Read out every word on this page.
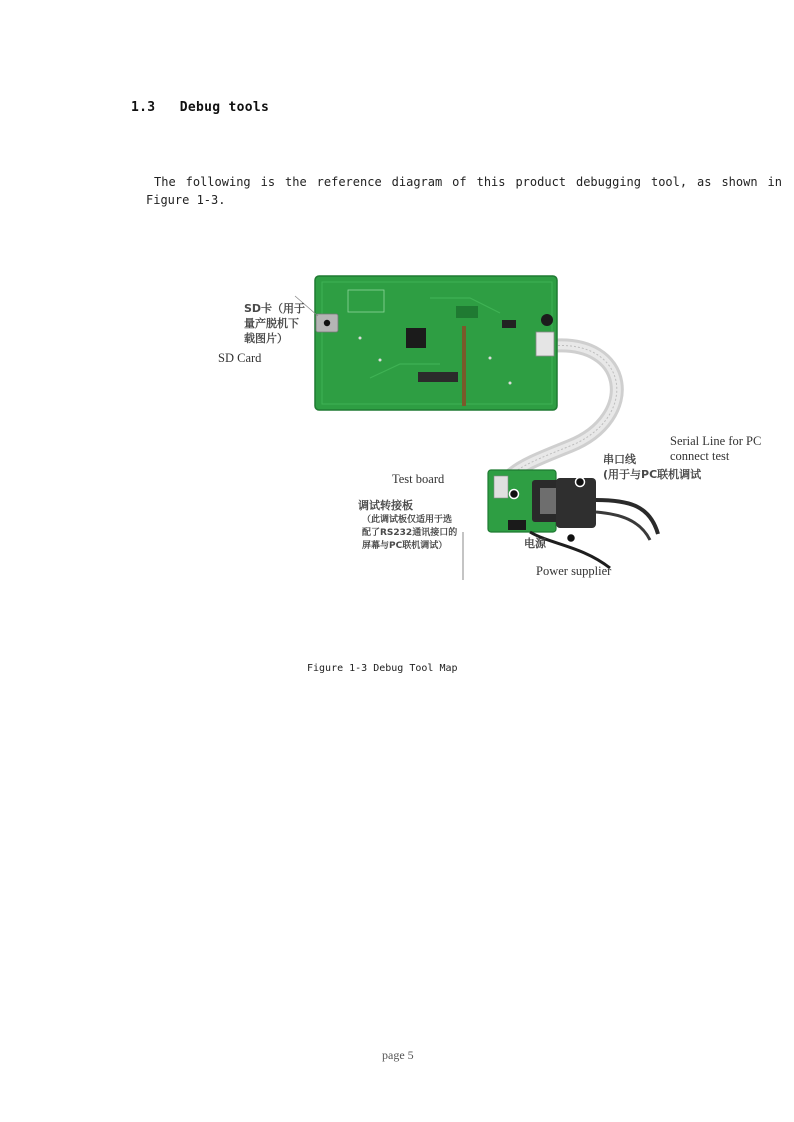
1.3 Debug tools

The following is the reference diagram of this product debugging tool, as shown in Figure 1-3.

SD卡（用于
量产脱机下
载图片）
SD Card
Serial Line for PC
connect test
串口线
(用于与PC联机调试
Test board
调试转接板
（此调试板仅适用于选
配了RS232通讯接口的
屏幕与PC联机调试）	电源
Power supplier
Figure 1-3 Debug Tool Map
page 5
